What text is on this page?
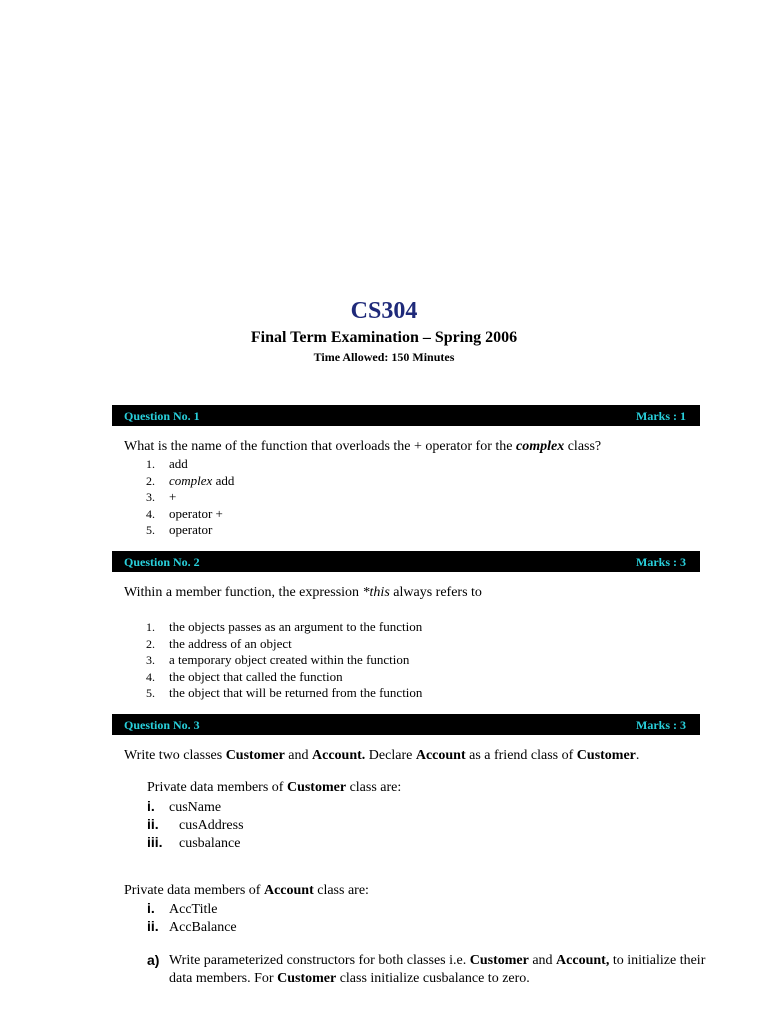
CS304
Final Term Examination – Spring 2006
Time Allowed: 150 Minutes
Question No. 1	Marks : 1
What is the name of the function that overloads the + operator for the complex class?
1. add
2. complex add
3. +
4. operator +
5. operator
Question No. 2	Marks : 3
Within a member function, the expression *this always refers to
1. the objects passes as an argument to the function
2. the address of an object
3. a temporary object created within the function
4. the object that called the function
5. the object that will be returned from the function
Question No. 3	Marks : 3
Write two classes Customer and Account. Declare Account as a friend class of Customer.
Private data members of Customer class are:
i. cusName
ii. cusAddress
iii. cusbalance
Private data members of Account class are:
i. AccTitle
ii. AccBalance
a) Write parameterized constructors for both classes i.e. Customer and Account, to initialize their data members. For Customer class initialize cusbalance to zero.
